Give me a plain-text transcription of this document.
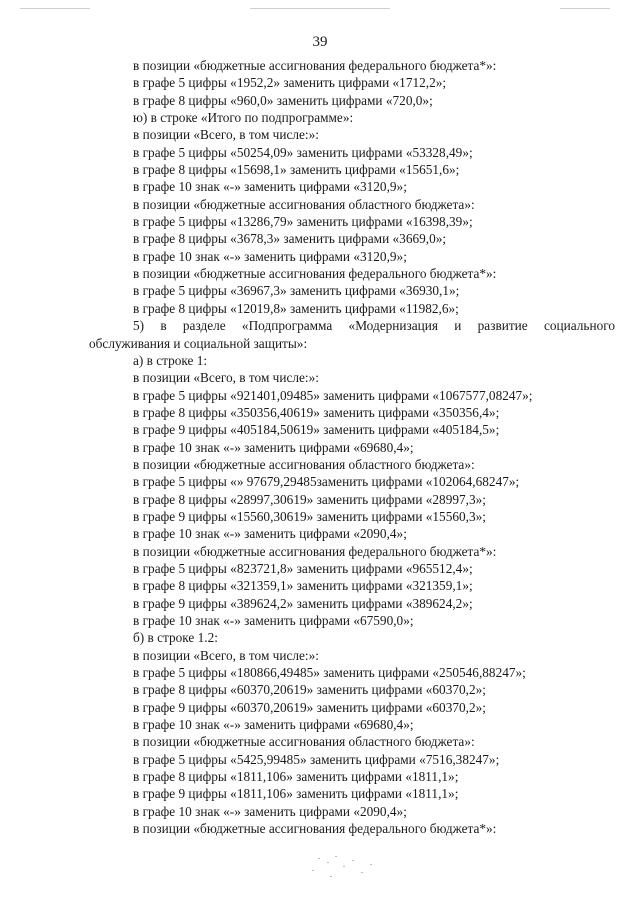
39
в позиции «бюджетные ассигнования федерального бюджета*»:
в графе 5 цифры «1952,2» заменить цифрами «1712,2»;
в графе 8 цифры «960,0» заменить цифрами «720,0»;
ю) в строке «Итого по подпрограмме»:
в позиции «Всего, в том числе:»:
в графе 5 цифры «50254,09» заменить цифрами «53328,49»;
в графе 8 цифры «15698,1» заменить цифрами «15651,6»;
в графе 10 знак «-» заменить цифрами «3120,9»;
в позиции «бюджетные ассигнования областного бюджета»:
в графе 5 цифры «13286,79» заменить цифрами «16398,39»;
в графе 8 цифры «3678,3» заменить цифрами «3669,0»;
в графе 10 знак «-» заменить цифрами «3120,9»;
в позиции «бюджетные ассигнования федерального бюджета*»:
в графе 5 цифры «36967,3» заменить цифрами «36930,1»;
в графе 8 цифры «12019,8» заменить цифрами «11982,6»;
5) в разделе «Подпрограмма «Модернизация и развитие социального
обслуживания и социальной защиты»:
а) в строке 1:
в позиции «Всего, в том числе:»:
в графе 5 цифры «921401,09485» заменить цифрами «1067577,08247»;
в графе 8 цифры «350356,40619» заменить цифрами «350356,4»;
в графе 9 цифры «405184,50619» заменить цифрами «405184,5»;
в графе 10 знак «-» заменить цифрами «69680,4»;
в позиции «бюджетные ассигнования областного бюджета»:
в графе 5 цифры «» 97679,29485заменить цифрами «102064,68247»;
в графе 8 цифры «28997,30619» заменить цифрами «28997,3»;
в графе 9 цифры «15560,30619» заменить цифрами «15560,3»;
в графе 10 знак «-» заменить цифрами «2090,4»;
в позиции «бюджетные ассигнования федерального бюджета*»:
в графе 5 цифры «823721,8» заменить цифрами «965512,4»;
в графе 8 цифры «321359,1» заменить цифрами «321359,1»;
в графе 9 цифры «389624,2» заменить цифрами «389624,2»;
в графе 10 знак «-» заменить цифрами «67590,0»;
б) в строке 1.2:
в позиции «Всего, в том числе:»:
в графе 5 цифры «180866,49485» заменить цифрами «250546,88247»;
в графе 8 цифры «60370,20619» заменить цифрами «60370,2»;
в графе 9 цифры «60370,20619» заменить цифрами «60370,2»;
в графе 10 знак «-» заменить цифрами «69680,4»;
в позиции «бюджетные ассигнования областного бюджета»:
в графе 5 цифры «5425,99485» заменить цифрами «7516,38247»;
в графе 8 цифры «1811,106» заменить цифрами «1811,1»;
в графе 9 цифры «1811,106» заменить цифрами «1811,1»;
в графе 10 знак «-» заменить цифрами «2090,4»;
в позиции «бюджетные ассигнования федерального бюджета*»:
